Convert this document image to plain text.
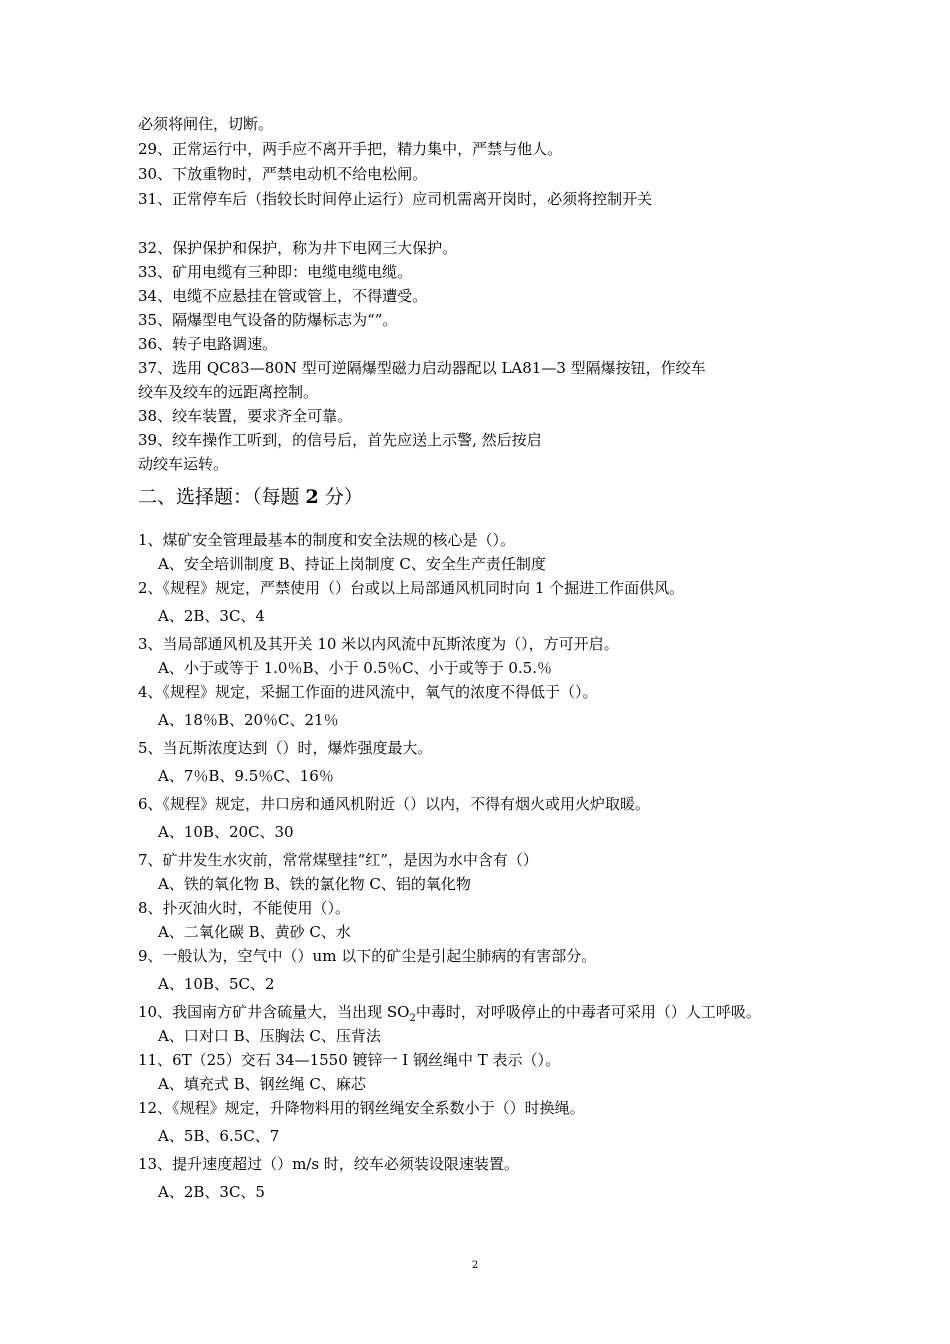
必须将闸住，切断。
29、正常运行中，两手应不离开手把，精力集中，严禁与他人。
30、下放重物时，严禁电动机不给电松闸。
31、正常停车后（指较长时间停止运行）应司机需离开岗时，必须将控制开关
32、保护保护和保护，称为井下电网三大保护。
33、矿用电缆有三种即：电缆电缆电缆。
34、电缆不应悬挂在管或管上，不得遭受。
35、隔爆型电气设备的防爆标志为“”。
36、转子电路调速。
37、选用 QC83—80N 型可逆隔爆型磁力启动器配以 LA81—3 型隔爆按钮，作绞车
绞车及绞车的远距离控制。
38、绞车装置，要求齐全可靠。
39、绞车操作工听到，的信号后，首先应送上示警, 然后按启
动绞车运转。
二、选择题：（每题 2 分）
1、煤矿安全管理最基本的制度和安全法规的核心是（）。
A、安全培训制度 B、持证上岗制度 C、安全生产责任制度
2、《规程》规定，严禁使用（）台或以上局部通风机同时向 1 个掘进工作面供风。
A、2B、3C、4
3、当局部通风机及其开关 10 米以内风流中瓦斯浓度为（），方可开启。
A、小于或等于 1.0％B、小于 0.5％C、小于或等于 0.5.％
4、《规程》规定，采掘工作面的进风流中，氧气的浓度不得低于（）。
A、18％B、20％C、21％
5、当瓦斯浓度达到（）时，爆炸强度最大。
A、7％B、9.5％C、16％
6、《规程》规定，井口房和通风机附近（）以内，不得有烟火或用火炉取暖。
A、10B、20C、30
7、矿井发生水灾前，常常煤壁挂“红”，是因为水中含有（）
A、铁的氧化物 B、铁的氯化物 C、铝的氧化物
8、扑灭油火时，不能使用（）。
A、二氧化碳 B、黄砂 C、水
9、一般认为，空气中（）um 以下的矿尘是引起尘肺病的有害部分。
A、10B、5C、2
10、我国南方矿井含硫量大，当出现 $SO_2$中毒时，对呼吸停止的中毒者可采用（）人工呼吸。
A、口对口 B、压胸法 C、压背法
11、6T（25）交石 34—1550 镀锌一 I 钢丝绳中 T 表示（）。
A、填充式 B、钢丝绳 C、麻芯
12、《规程》规定，升降物料用的钢丝绳安全系数小于（）时换绳。
A、5B、6.5C、7
13、提升速度超过（）m/s 时，绞车必须装设限速装置。
A、2B、3C、5
2
